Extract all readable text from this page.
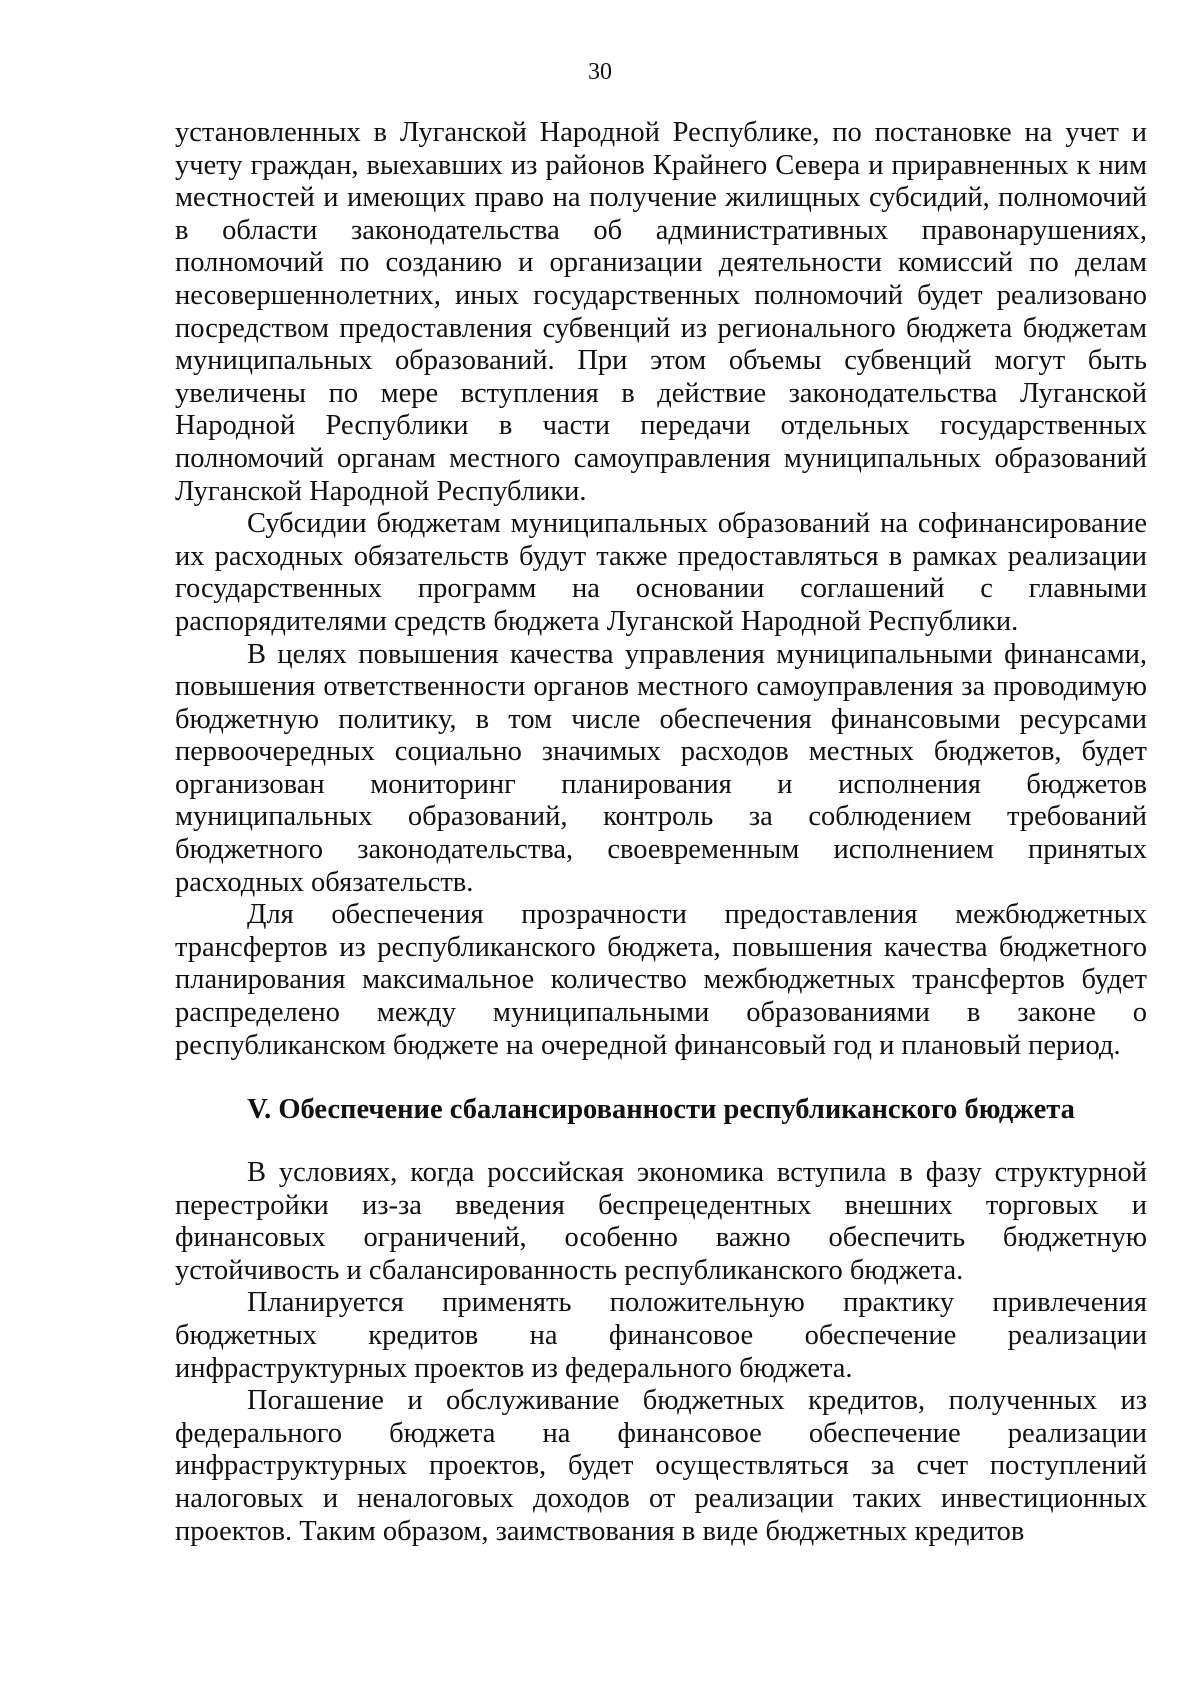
30

установленных в Луганской Народной Республике, по постановке на учет и учету граждан, выехавших из районов Крайнего Севера и приравненных к ним местностей и имеющих право на получение жилищных субсидий, полномочий в области законодательства об административных правонарушениях, полномочий по созданию и организации деятельности комиссий по делам несовершеннолетних, иных государственных полномочий будет реализовано посредством предоставления субвенций из регионального бюджета бюджетам муниципальных образований. При этом объемы субвенций могут быть увеличены по мере вступления в действие законодательства Луганской Народной Республики в части передачи отдельных государственных полномочий органам местного самоуправления муниципальных образований Луганской Народной Республики.

Субсидии бюджетам муниципальных образований на софинансирование их расходных обязательств будут также предоставляться в рамках реализации государственных программ на основании соглашений с главными распорядителями средств бюджета Луганской Народной Республики.

В целях повышения качества управления муниципальными финансами, повышения ответственности органов местного самоуправления за проводимую бюджетную политику, в том числе обеспечения финансовыми ресурсами первоочередных социально значимых расходов местных бюджетов, будет организован мониторинг планирования и исполнения бюджетов муниципальных образований, контроль за соблюдением требований бюджетного законодательства, своевременным исполнением принятых расходных обязательств.

Для обеспечения прозрачности предоставления межбюджетных трансфертов из республиканского бюджета, повышения качества бюджетного планирования максимальное количество межбюджетных трансфертов будет распределено между муниципальными образованиями в законе о республиканском бюджете на очередной финансовый год и плановый период.

V. Обеспечение сбалансированности республиканского бюджета

В условиях, когда российская экономика вступила в фазу структурной перестройки из-за введения беспрецедентных внешних торговых и финансовых ограничений, особенно важно обеспечить бюджетную устойчивость и сбалансированность республиканского бюджета.

Планируется применять положительную практику привлечения бюджетных кредитов на финансовое обеспечение реализации инфраструктурных проектов из федерального бюджета.

Погашение и обслуживание бюджетных кредитов, полученных из федерального бюджета на финансовое обеспечение реализации инфраструктурных проектов, будет осуществляться за счет поступлений налоговых и неналоговых доходов от реализации таких инвестиционных проектов. Таким образом, заимствования в виде бюджетных кредитов
